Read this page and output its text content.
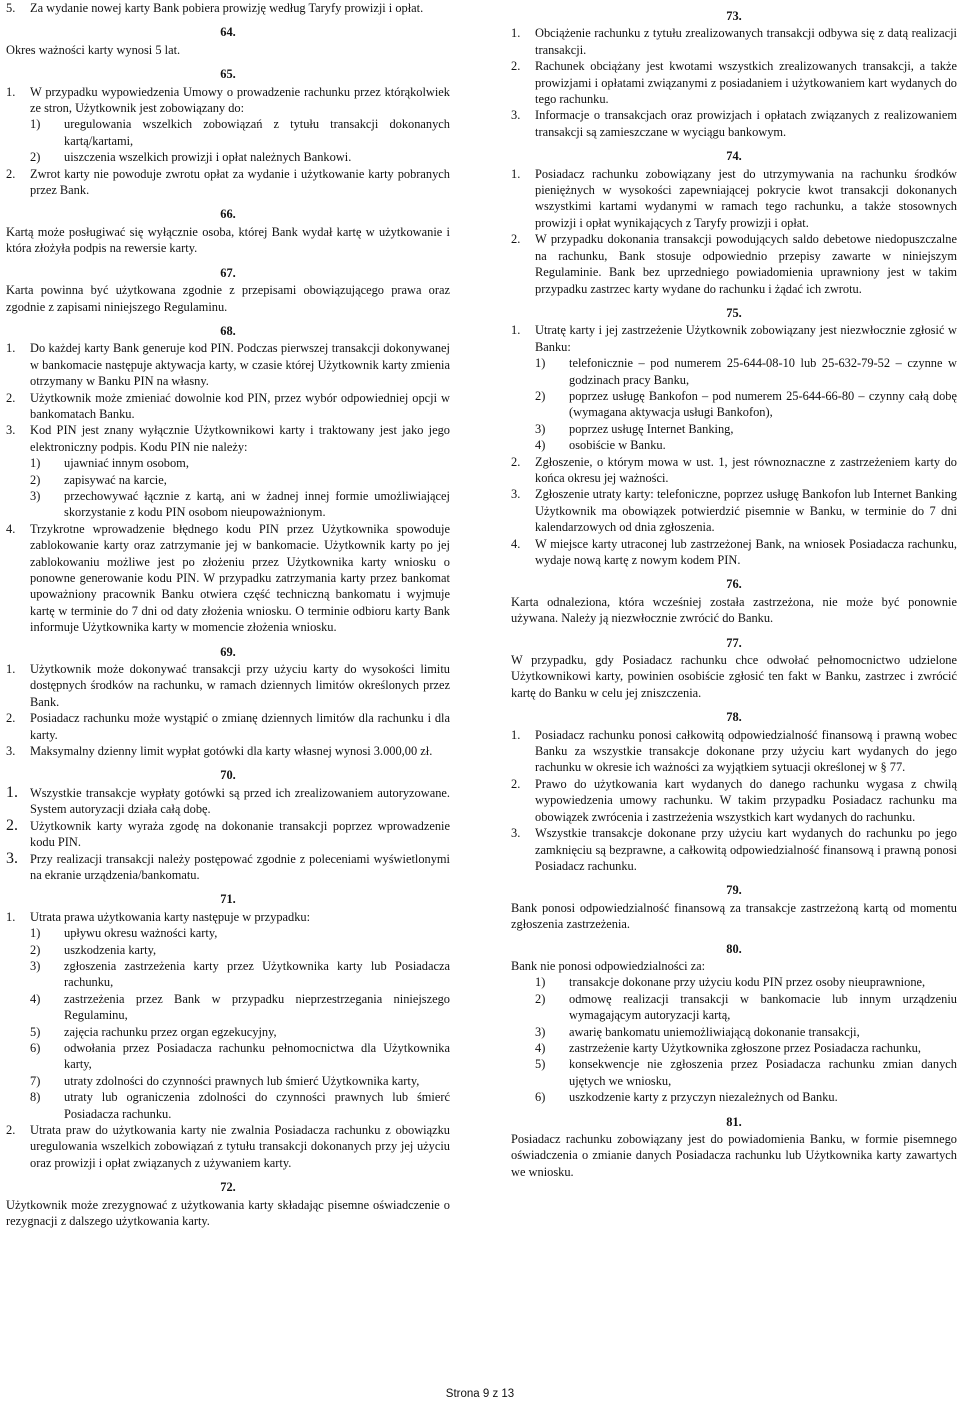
5.	Za wydanie nowej karty Bank pobiera prowizję według Taryfy prowizji i opłat.
64.
Okres ważności karty wynosi 5 lat.
65.
1.	W przypadku wypowiedzenia Umowy o prowadzenie rachunku przez którąkolwiek ze stron, Użytkownik jest zobowiązany do:
1)	uregulowania wszelkich zobowiązań z tytułu transakcji dokonanych kartą/kartami,
2)	uiszczenia wszelkich prowizji i opłat należnych Bankowi.
2.	Zwrot karty nie powoduje zwrotu opłat za wydanie i użytkowanie karty pobranych przez Bank.
66.
Kartą może posługiwać się wyłącznie osoba, której Bank wydał kartę w użytkowanie i która złożyła podpis na rewersie karty.
67.
Karta powinna być użytkowana zgodnie z przepisami obowiązującego prawa oraz zgodnie z zapisami niniejszego Regulaminu.
68.
1.	Do każdej karty Bank generuje kod PIN. Podczas pierwszej transakcji dokonywanej w bankomacie następuje aktywacja karty, w czasie której Użytkownik karty zmienia otrzymany w Banku PIN na własny.
2.	Użytkownik może zmieniać dowolnie kod PIN, przez wybór odpowiedniej opcji w bankomatach Banku.
3.	Kod PIN jest znany wyłącznie Użytkownikowi karty i traktowany jest jako jego elektroniczny podpis. Kodu PIN nie należy:
1)	ujawniać innym osobom,
2)	zapisywać na karcie,
3)	przechowywać łącznie z kartą, ani w żadnej innej formie umożliwiającej skorzystanie z kodu PIN osobom nieupoważnionym.
4.	Trzykrotne wprowadzenie błędnego kodu PIN przez Użytkownika spowoduje zablokowanie karty oraz zatrzymanie jej w bankomacie. Użytkownik karty po jej zablokowaniu możliwe jest po złożeniu przez Użytkownika karty wniosku o ponowne generowanie kodu PIN. W przypadku zatrzymania karty przez bankomat upoważniony pracownik Banku otwiera część techniczną bankomatu i wyjmuje kartę w terminie do 7 dni od daty złożenia wniosku. O terminie odbioru karty Bank informuje Użytkownika karty w momencie złożenia wniosku.
69.
1.	Użytkownik może dokonywać transakcji przy użyciu karty do wysokości limitu dostępnych środków na rachunku, w ramach dziennych limitów określonych przez Bank.
2.	Posiadacz rachunku może wystąpić o zmianę dziennych limitów dla rachunku i dla karty.
3.	Maksymalny dzienny limit wypłat gotówki dla karty własnej wynosi 3.000,00 zł.
70.
1. Wszystkie transakcje wypłaty gotówki są przed ich zrealizowaniem autoryzowane. System autoryzacji działa całą dobę.
2. Użytkownik karty wyraża zgodę na dokonanie transakcji poprzez wprowadzenie kodu PIN.
3. Przy realizacji transakcji należy postępować zgodnie z poleceniami wyświetlonymi na ekranie urządzenia/bankomatu.
71.
1.	Utrata prawa użytkowania karty następuje w przypadku:
1)	upływu okresu ważności karty,
2)	uszkodzenia karty,
3)	zgłoszenia zastrzeżenia karty przez Użytkownika karty lub Posiadacza rachunku,
4)	zastrzeżenia przez Bank w przypadku nieprzestrzegania niniejszego Regulaminu,
5)	zajęcia rachunku przez organ egzekucyjny,
6)	odwołania przez Posiadacza rachunku pełnomocnictwa dla Użytkownika karty,
7)	utraty zdolności do czynności prawnych lub śmierć Użytkownika karty,
8)	utraty lub ograniczenia zdolności do czynności prawnych lub śmierć Posiadacza rachunku.
2.	Utrata praw do użytkowania karty nie zwalnia Posiadacza rachunku z obowiązku uregulowania wszelkich zobowiązań z tytułu transakcji dokonanych przy jej użyciu oraz prowizji i opłat związanych z używaniem karty.
72.
Użytkownik może zrezygnować z użytkowania karty składając pisemne oświadczenie o rezygnacji z dalszego użytkowania karty.
73.
1.	Obciążenie rachunku z tytułu zrealizowanych transakcji odbywa się z datą realizacji transakcji.
2.	Rachunek obciążany jest kwotami wszystkich zrealizowanych transakcji, a także prowizjami i opłatami związanymi z posiadaniem i użytkowaniem kart wydanych do tego rachunku.
3.	Informacje o transakcjach oraz prowizjach i opłatach związanych z realizowaniem transakcji są zamieszczane w wyciągu bankowym.
74.
1.	Posiadacz rachunku zobowiązany jest do utrzymywania na rachunku środków pieniężnych w wysokości zapewniającej pokrycie kwot transakcji dokonanych wszystkimi kartami wydanymi w ramach tego rachunku, a także stosownych prowizji i opłat wynikających z Taryfy prowizji i opłat.
2.	W przypadku dokonania transakcji powodujących saldo debetowe niedopuszczalne na rachunku, Bank stosuje odpowiednio przepisy zawarte w niniejszym Regulaminie. Bank bez uprzedniego powiadomienia uprawniony jest w takim przypadku zastrzec karty wydane do rachunku i żądać ich zwrotu.
75.
1.	Utratę karty i jej zastrzeżenie Użytkownik zobowiązany jest niezwłocznie zgłosić w Banku:
1)	telefonicznie – pod numerem 25-644-08-10 lub 25-632-79-52 – czynne w godzinach pracy Banku,
2)	poprzez usługę Bankofon – pod numerem 25-644-66-80 – czynny całą dobę (wymagana aktywacja usługi Bankofon),
3)	poprzez usługę Internet Banking,
4)	osobiście w Banku.
2.	Zgłoszenie, o którym mowa w ust. 1, jest równoznaczne z zastrzeżeniem karty do końca okresu jej ważności.
3.	Zgłoszenie utraty karty: telefoniczne, poprzez usługę Bankofon lub Internet Banking Użytkownik ma obowiązek potwierdzić pisemnie w Banku, w terminie do 7 dni kalendarzowych od dnia zgłoszenia.
4.	W miejsce karty utraconej lub zastrzeżonej Bank, na wniosek Posiadacza rachunku, wydaje nową kartę z nowym kodem PIN.
76.
Karta odnaleziona, która wcześniej została zastrzeżona, nie może być ponownie używana. Należy ją niezwłocznie zwrócić do Banku.
77.
W przypadku, gdy Posiadacz rachunku chce odwołać pełnomocnictwo udzielone Użytkownikowi karty, powinien osobiście zgłosić ten fakt w Banku, zastrzec i zwrócić kartę do Banku w celu jej zniszczenia.
78.
1.	Posiadacz rachunku ponosi całkowitą odpowiedzialność finansową i prawną wobec Banku za wszystkie transakcje dokonane przy użyciu kart wydanych do jego rachunku w okresie ich ważności za wyjątkiem sytuacji określonej w § 77.
2.	Prawo do użytkowania kart wydanych do danego rachunku wygasa z chwilą wypowiedzenia umowy rachunku. W takim przypadku Posiadacz rachunku ma obowiązek zwrócenia i zastrzeżenia wszystkich kart wydanych do rachunku.
3.	Wszystkie transakcje dokonane przy użyciu kart wydanych do rachunku po jego zamknięciu są bezprawne, a całkowitą odpowiedzialność finansową i prawną ponosi Posiadacz rachunku.
79.
Bank ponosi odpowiedzialność finansową za transakcje zastrzeżoną kartą od momentu zgłoszenia zastrzeżenia.
80.
Bank nie ponosi odpowiedzialności za:
1)	transakcje dokonane przy użyciu kodu PIN przez osoby nieuprawnione,
2)	odmowę realizacji transakcji w bankomacie lub innym urządzeniu wymagającym autoryzacji kartą,
3)	awarię bankomatu uniemożliwiającą dokonanie transakcji,
4)	zastrzeżenie karty Użytkownika zgłoszone przez Posiadacza rachunku,
5)	konsekwencje nie zgłoszenia przez Posiadacza rachunku zmian danych ujętych we wniosku,
6)	uszkodzenie karty z przyczyn niezależnych od Banku.
81.
Posiadacz rachunku zobowiązany jest do powiadomienia Banku, w formie pisemnego oświadczenia o zmianie danych Posiadacza rachunku lub Użytkownika karty zawartych we wniosku.
Strona 9 z 13
